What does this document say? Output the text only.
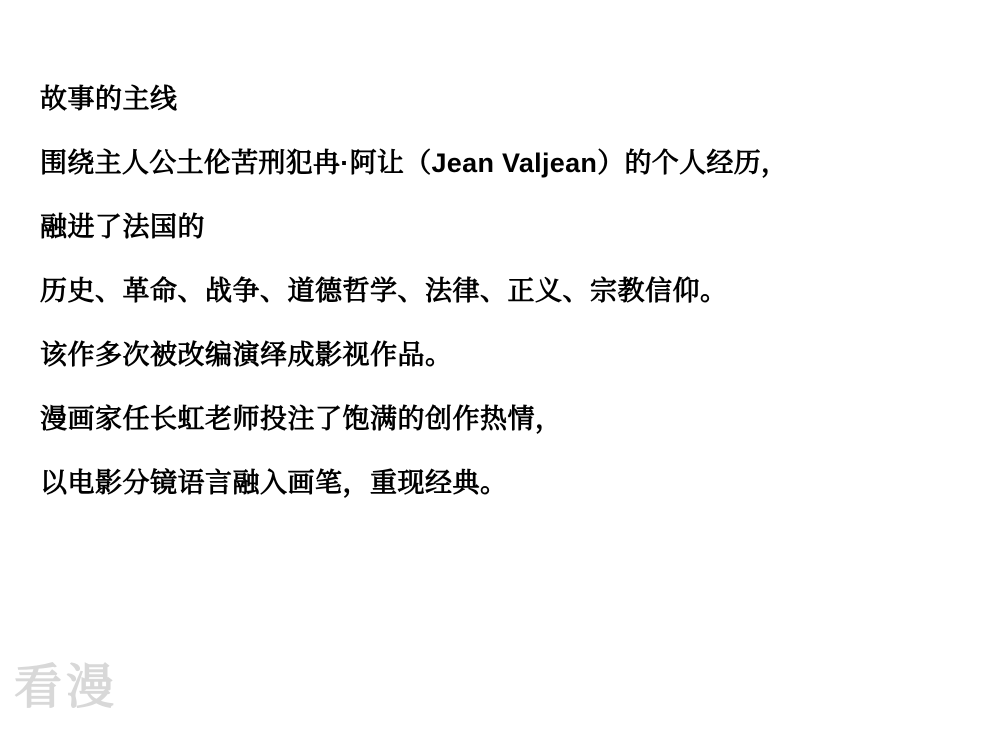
故事的主线
围绕主人公土伦苦刑犯冉·阿让（Jean Valjean）的个人经历，
融进了法国的
历史、革命、战争、道德哲学、法律、正义、宗教信仰。
该作多次被改编演绎成影视作品。
漫画家任长虹老师投注了饱满的创作热情，
以电影分镜语言融入画笔，重现经典。
看漫
